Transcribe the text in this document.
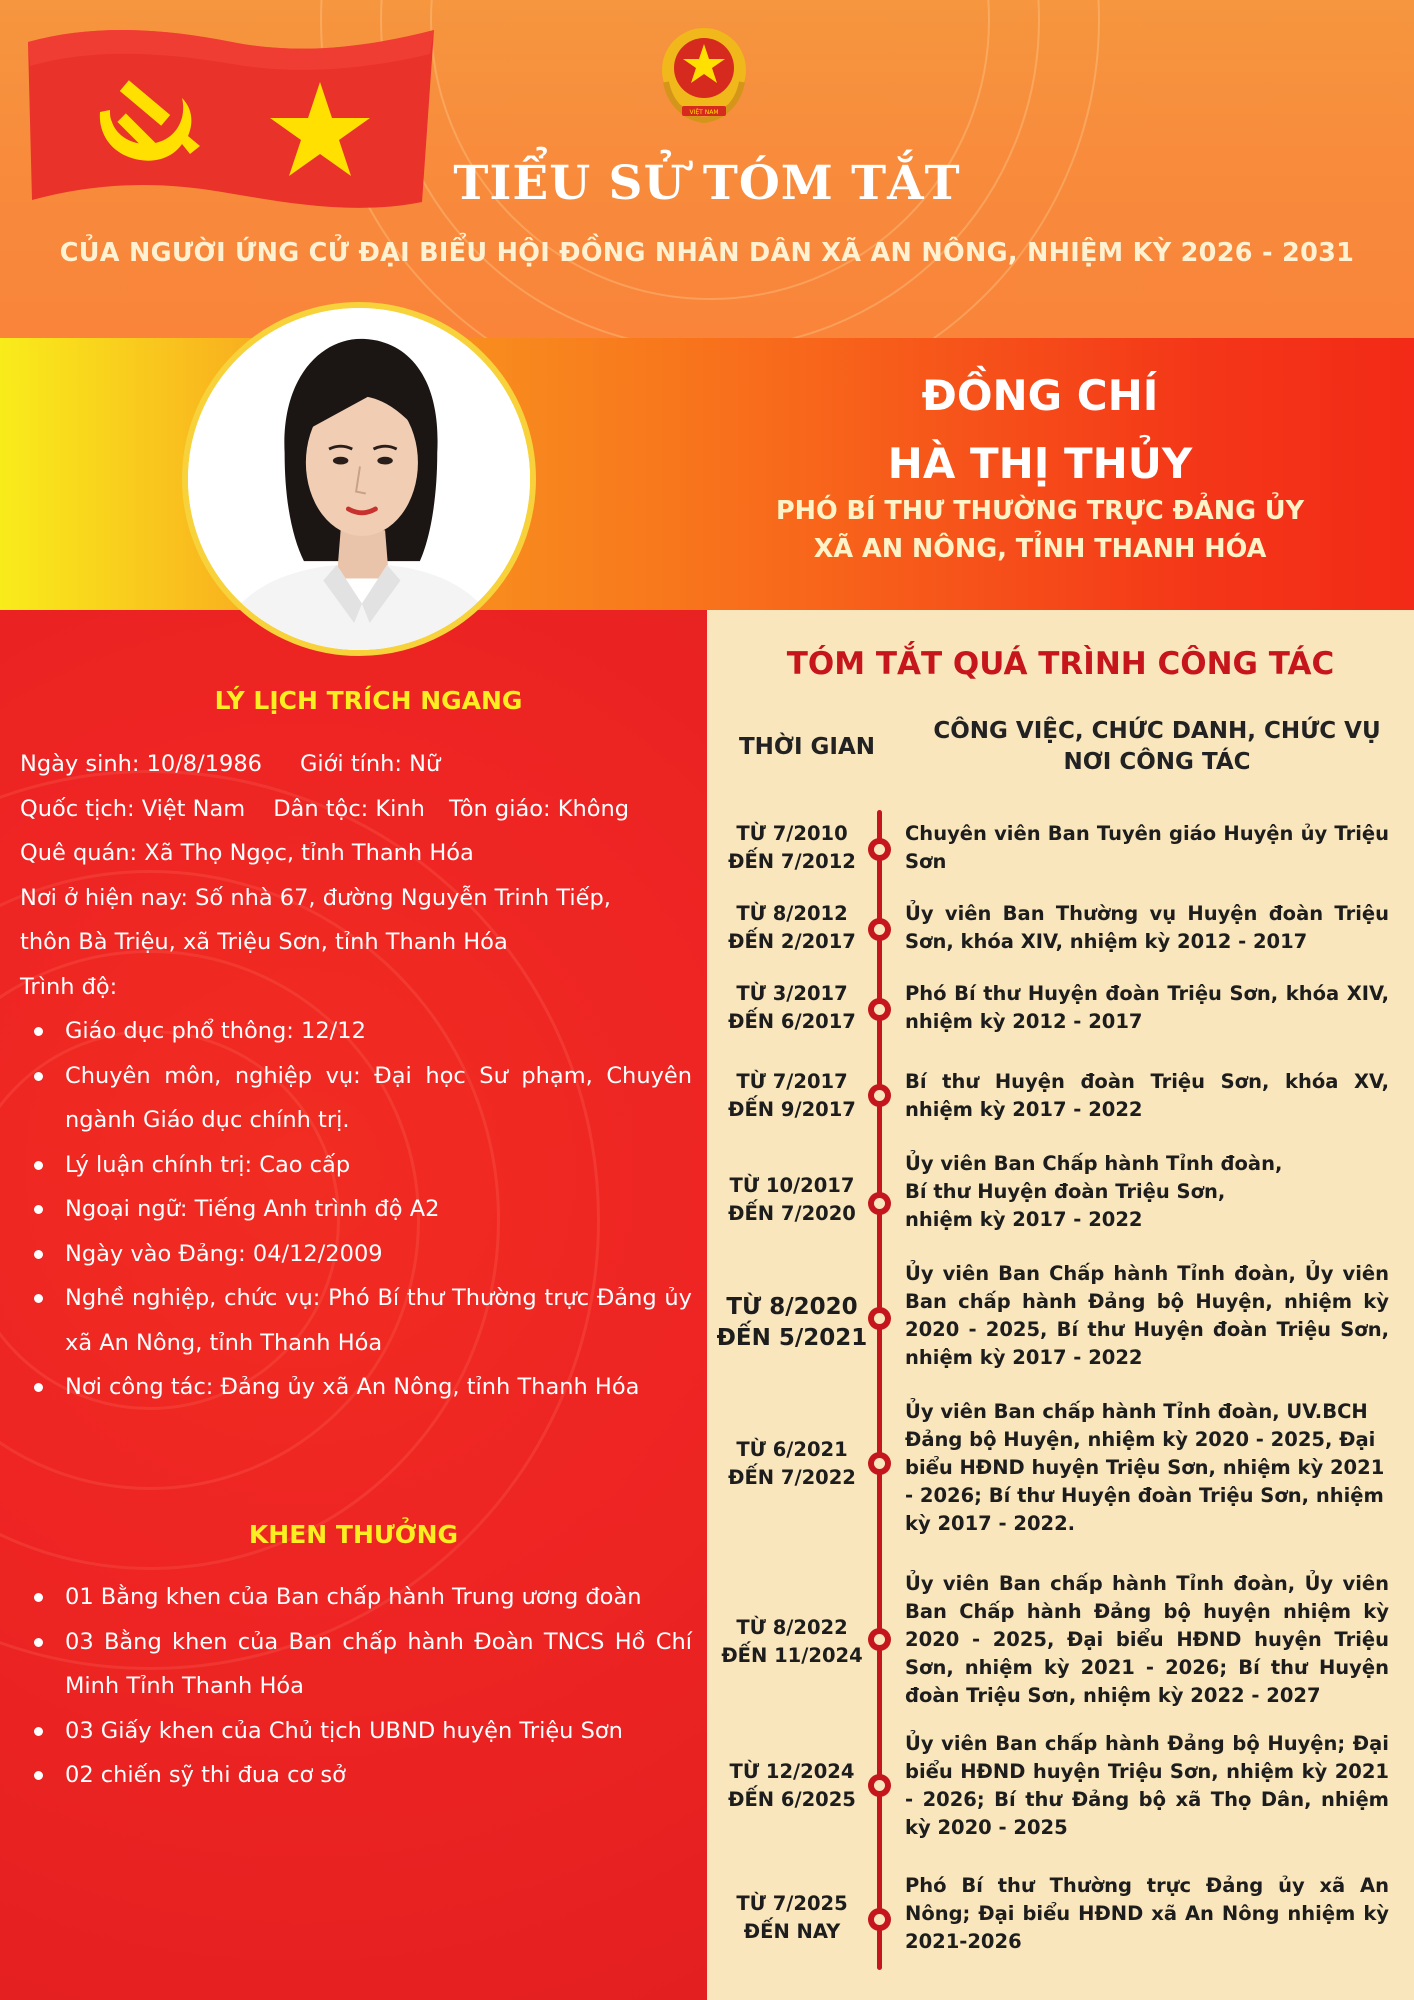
VIỆT NAM
TIỂU SỬ TÓM TẮT
CỦA NGƯỜI ỨNG CỬ ĐẠI BIỂU HỘI ĐỒNG NHÂN DÂN XÃ AN NÔNG, NHIỆM KỲ 2026 - 2031
ĐỒNG CHÍ
HÀ THỊ THỦY
PHÓ BÍ THƯ THƯỜNG TRỰC ĐẢNG ỦY
XÃ AN NÔNG, TỈNH THANH HÓA
LÝ LỊCH TRÍCH NGANG
Ngày sinh: 10/8/1986 Giới tính: Nữ
Quốc tịch: Việt Nam Dân tộc: Kinh Tôn giáo: Không
Quê quán: Xã Thọ Ngọc, tỉnh Thanh Hóa
Nơi ở hiện nay: Số nhà 67, đường Nguyễn Trinh Tiếp,
thôn Bà Triệu, xã Triệu Sơn, tỉnh Thanh Hóa
Trình độ:
Giáo dục phổ thông: 12/12
Chuyên môn, nghiệp vụ: Đại học Sư phạm, Chuyên ngành Giáo dục chính trị.
Lý luận chính trị: Cao cấp
Ngoại ngữ: Tiếng Anh trình độ A2
Ngày vào Đảng: 04/12/2009
Nghề nghiệp, chức vụ: Phó Bí thư Thường trực Đảng ủy xã An Nông, tỉnh Thanh Hóa
Nơi công tác: Đảng ủy xã An Nông, tỉnh Thanh Hóa
KHEN THƯỞNG
01 Bằng khen của Ban chấp hành Trung ương đoàn
03 Bằng khen của Ban chấp hành Đoàn TNCS Hồ Chí Minh Tỉnh Thanh Hóa
03 Giấy khen của Chủ tịch UBND huyện Triệu Sơn
02 chiến sỹ thi đua cơ sở
TÓM TẮT QUÁ TRÌNH CÔNG TÁC
THỜI GIAN
CÔNG VIỆC, CHỨC DANH, CHỨC VỤ
NƠI CÔNG TÁC
TỪ 7/2010
ĐẾN 7/2012
Chuyên viên Ban Tuyên giáo Huyện ủy Triệu Sơn
TỪ 8/2012
ĐẾN 2/2017
Ủy viên Ban Thường vụ Huyện đoàn Triệu Sơn, khóa XIV, nhiệm kỳ 2012 - 2017
TỪ 3/2017
ĐẾN 6/2017
Phó Bí thư Huyện đoàn Triệu Sơn, khóa XIV, nhiệm kỳ 2012 - 2017
TỪ 7/2017
ĐẾN 9/2017
Bí thư Huyện đoàn Triệu Sơn, khóa XV, nhiệm kỳ 2017 - 2022
TỪ 10/2017
ĐẾN 7/2020
Ủy viên Ban Chấp hành Tỉnh đoàn, Bí thư Huyện đoàn Triệu Sơn, nhiệm kỳ 2017 - 2022
TỪ 8/2020
ĐẾN 5/2021
Ủy viên Ban Chấp hành Tỉnh đoàn, Ủy viên Ban chấp hành Đảng bộ Huyện, nhiệm kỳ 2020 - 2025, Bí thư Huyện đoàn Triệu Sơn, nhiệm kỳ 2017 - 2022
TỪ 6/2021
ĐẾN 7/2022
Ủy viên Ban chấp hành Tỉnh đoàn, UV.BCH Đảng bộ Huyện, nhiệm kỳ 2020 - 2025, Đại biểu HĐND huyện Triệu Sơn, nhiệm kỳ 2021 - 2026; Bí thư Huyện đoàn Triệu Sơn, nhiệm kỳ 2017 - 2022.
TỪ 8/2022
ĐẾN 11/2024
Ủy viên Ban chấp hành Tỉnh đoàn, Ủy viên Ban Chấp hành Đảng bộ huyện nhiệm kỳ 2020 - 2025, Đại biểu HĐND huyện Triệu Sơn, nhiệm kỳ 2021 - 2026; Bí thư Huyện đoàn Triệu Sơn, nhiệm kỳ 2022 - 2027
TỪ 12/2024
ĐẾN 6/2025
Ủy viên Ban chấp hành Đảng bộ Huyện; Đại biểu HĐND huyện Triệu Sơn, nhiệm kỳ 2021 - 2026; Bí thư Đảng bộ xã Thọ Dân, nhiệm kỳ 2020 - 2025
TỪ 7/2025
ĐẾN NAY
Phó Bí thư Thường trực Đảng ủy xã An Nông; Đại biểu HĐND xã An Nông nhiệm kỳ 2021-2026
